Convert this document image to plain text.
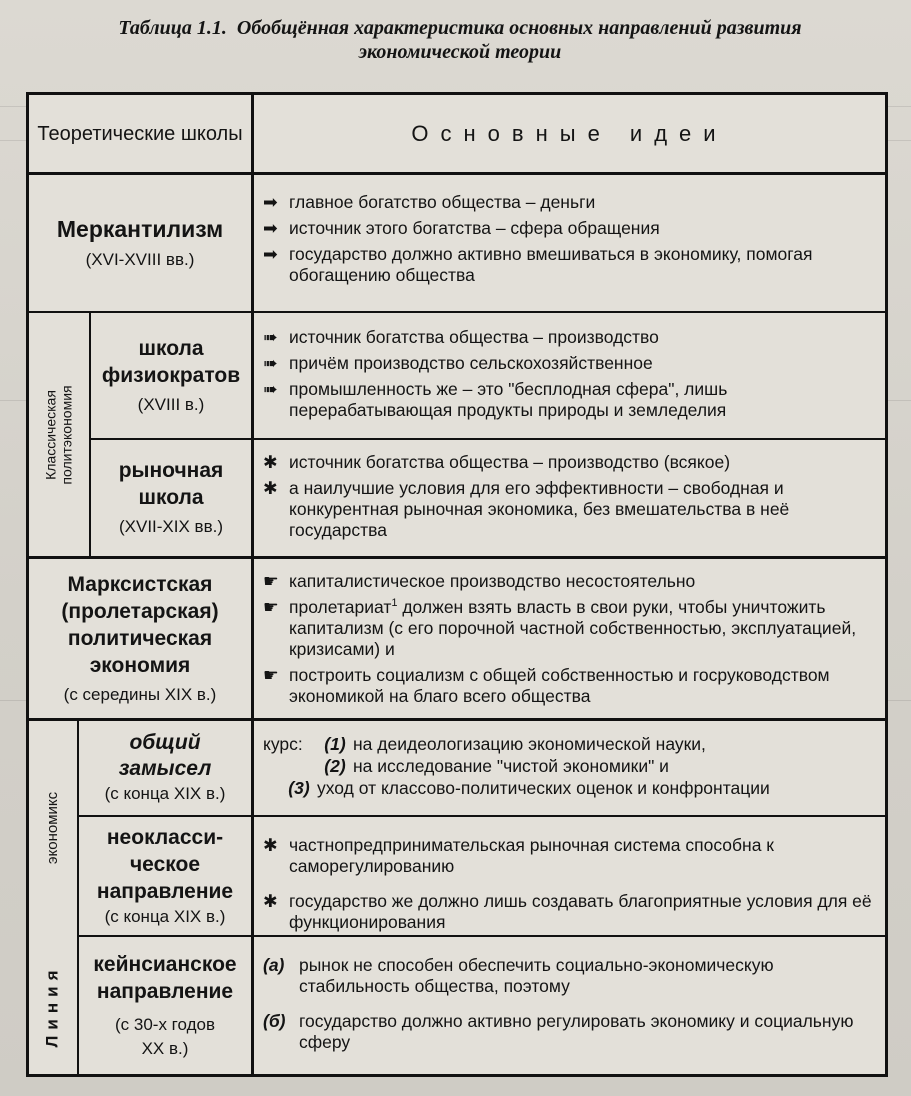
Таблица 1.1. Обобщённая характеристика основных направлений развития экономической теории
Теоретические школы	Основные идеи
Меркантилизм
(XVI-XVIII вв.)
➡ главное богатство общества – деньги
➡ источник этого богатства – сфера обращения
➡ государство должно активно вмешиваться в экономику, помогая обогащению общества
Классическая политэкономия
школа физиократов
(XVIII в.)
➠ источник богатства общества – производство
➠ причём производство сельскохозяйственное
➠ промышленность же – это "бесплодная сфера", лишь перерабатывающая продукты природы и земледелия
рыночная школа
(XVII-XIX вв.)
✱ источник богатства общества – производство (всякое)
✱ а наилучшие условия для его эффективности – свободная и конкурентная рыночная экономика, без вмешательства в неё государства
Марксистская (пролетарская) политическая экономия
(с середины XIX в.)
☛ капиталистическое производство несостоятельно
☛ пролетариат$^1$ должен взять власть в свои руки, чтобы уничтожить капитализм (с его порочной частной собственностью, эксплуатацией, кризисами) и
☛ построить социализм с общей собственностью и госруководством экономикой на благо всего общества
экономикс
Линия
общий замысел
(с конца XIX в.)
курс:	(1) на деидеологизацию экономической науки,
(2) на исследование "чистой экономики" и
(3) уход от классово-политических оценок и конфронтации
неокласси-ческое направление
(с конца XIX в.)
✱ частнопредпринимательская рыночная система способна к саморегулированию
✱ государство же должно лишь создавать благоприятные условия для её функционирования
кейнсианское направление
(с 30-х годов XX в.)
(а) рынок не способен обеспечить социально-экономическую стабильность общества, поэтому
(б) государство должно активно регулировать экономику и социальную сферу
